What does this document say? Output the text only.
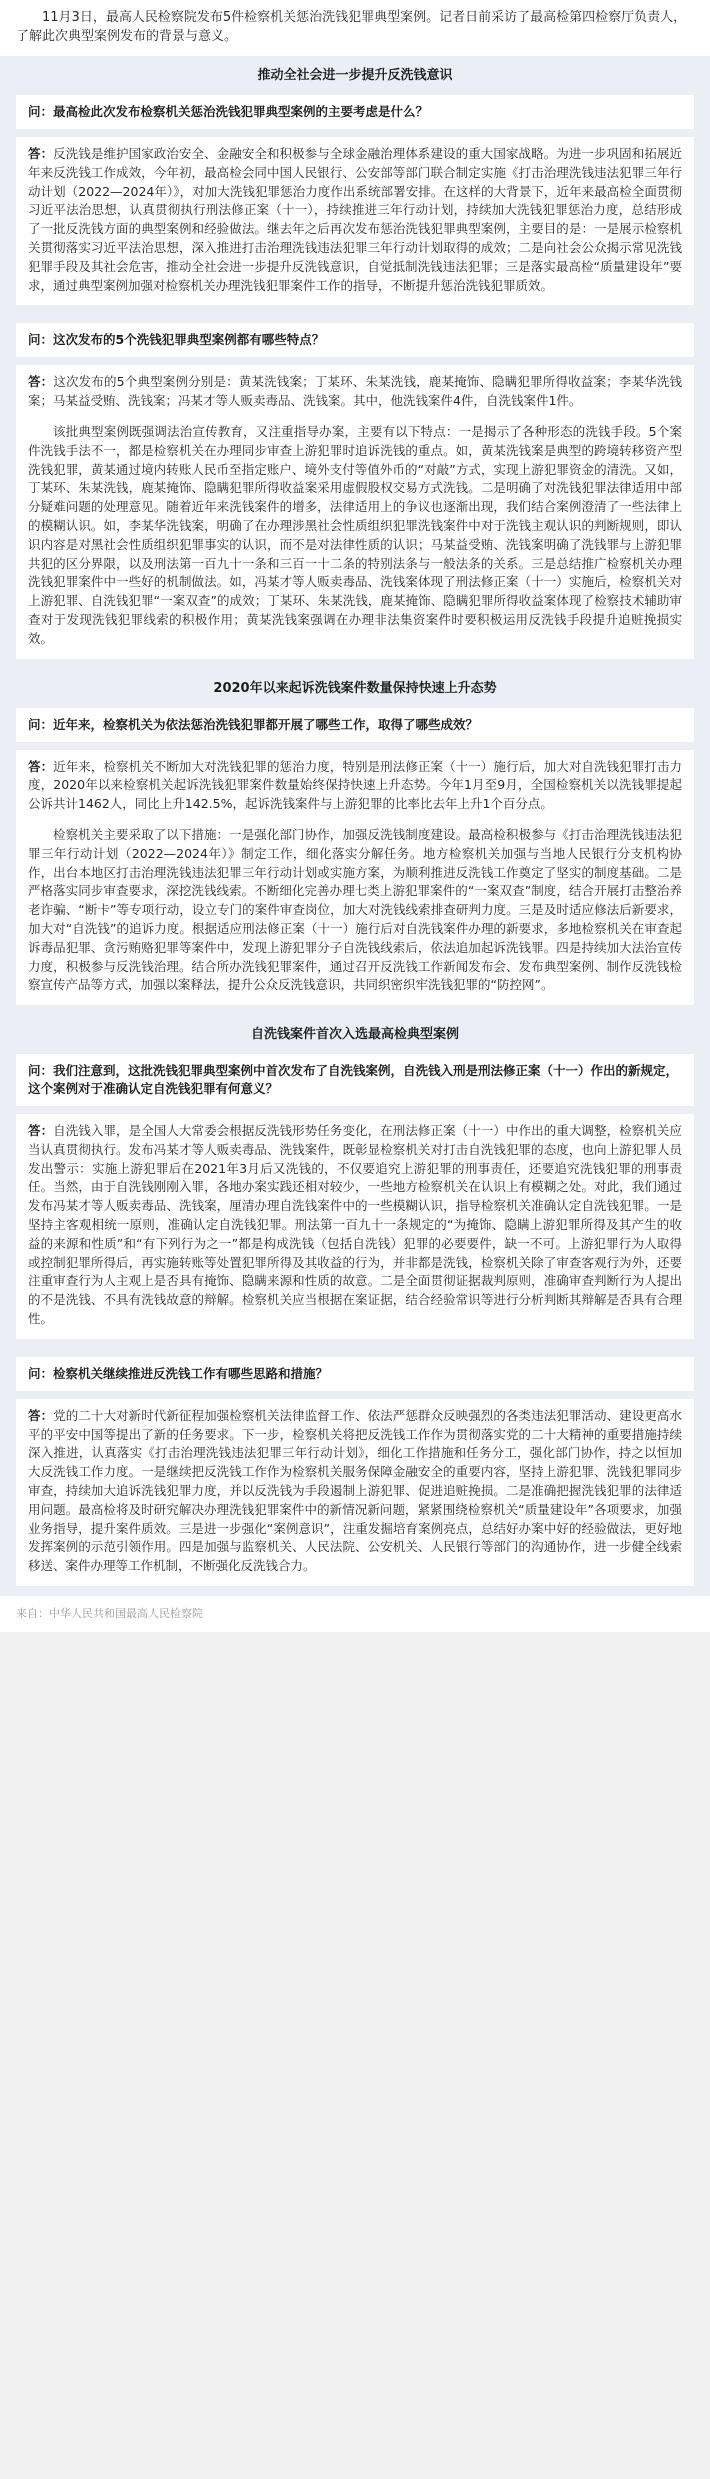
11月3日，最高人民检察院发布5件检察机关惩治洗钱犯罪典型案例。记者日前采访了最高检第四检察厅负责人，了解此次典型案例发布的背景与意义。

推动全社会进一步提升反洗钱意识

问：最高检此次发布检察机关惩治洗钱犯罪典型案例的主要考虑是什么？

答：反洗钱是维护国家政治安全、金融安全和积极参与全球金融治理体系建设的重大国家战略。为进一步巩固和拓展近年来反洗钱工作成效，今年初，最高检会同中国人民银行、公安部等部门联合制定实施《打击治理洗钱违法犯罪三年行动计划（2022—2024年）》，对加大洗钱犯罪惩治力度作出系统部署安排。在这样的大背景下，近年来最高检全面贯彻习近平法治思想，认真贯彻执行刑法修正案（十一），持续推进三年行动计划，持续加大洗钱犯罪惩治力度，总结形成了一批反洗钱方面的典型案例和经验做法。继去年之后再次发布惩治洗钱犯罪典型案例，主要目的是：一是展示检察机关贯彻落实习近平法治思想，深入推进打击治理洗钱违法犯罪三年行动计划取得的成效；二是向社会公众揭示常见洗钱犯罪手段及其社会危害，推动全社会进一步提升反洗钱意识，自觉抵制洗钱违法犯罪；三是落实最高检“质量建设年”要求，通过典型案例加强对检察机关办理洗钱犯罪案件工作的指导，不断提升惩治洗钱犯罪质效。

问：这次发布的5个洗钱犯罪典型案例都有哪些特点？

答：这次发布的5个典型案例分别是：黄某洗钱案；丁某环、朱某洗钱，鹿某掩饰、隐瞒犯罪所得收益案；李某华洗钱案；马某益受贿、洗钱案；冯某才等人贩卖毒品、洗钱案。其中，他洗钱案件4件，自洗钱案件1件。

该批典型案例既强调法治宣传教育，又注重指导办案，主要有以下特点：一是揭示了各种形态的洗钱手段。5个案件洗钱手法不一，都是检察机关在办理同步审查上游犯罪时追诉洗钱的重点。如，黄某洗钱案是典型的跨境转移资产型洗钱犯罪，黄某通过境内转账人民币至指定账户、境外支付等值外币的“对敲”方式，实现上游犯罪资金的清洗。又如，丁某环、朱某洗钱，鹿某掩饰、隐瞒犯罪所得收益案采用虚假股权交易方式洗钱。二是明确了对洗钱犯罪法律适用中部分疑难问题的处理意见。随着近年来洗钱案件的增多，法律适用上的争议也逐渐出现，我们结合案例澄清了一些法律上的模糊认识。如，李某华洗钱案，明确了在办理涉黑社会性质组织犯罪洗钱案件中对于洗钱主观认识的判断规则，即认识内容是对黑社会性质组织犯罪事实的认识，而不是对法律性质的认识；马某益受贿、洗钱案明确了洗钱罪与上游犯罪共犯的区分界限，以及刑法第一百九十一条和三百一十二条的特别法条与一般法条的关系。三是总结推广检察机关办理洗钱犯罪案件中一些好的机制做法。如，冯某才等人贩卖毒品、洗钱案体现了刑法修正案（十一）实施后，检察机关对上游犯罪、自洗钱犯罪“一案双查”的成效；丁某环、朱某洗钱，鹿某掩饰、隐瞒犯罪所得收益案体现了检察技术辅助审查对于发现洗钱犯罪线索的积极作用；黄某洗钱案强调在办理非法集资案件时要积极运用反洗钱手段提升追赃挽损实效。

2020年以来起诉洗钱案件数量保持快速上升态势

问：近年来，检察机关为依法惩治洗钱犯罪都开展了哪些工作，取得了哪些成效？

答：近年来，检察机关不断加大对洗钱犯罪的惩治力度，特别是刑法修正案（十一）施行后，加大对自洗钱犯罪打击力度，2020年以来检察机关起诉洗钱犯罪案件数量始终保持快速上升态势。今年1月至9月，全国检察机关以洗钱罪提起公诉共计1462人，同比上升142.5%，起诉洗钱案件与上游犯罪的比率比去年上升1个百分点。

检察机关主要采取了以下措施：一是强化部门协作，加强反洗钱制度建设。最高检积极参与《打击治理洗钱违法犯罪三年行动计划（2022—2024年）》制定工作，细化落实分解任务。地方检察机关加强与当地人民银行分支机构协作，出台本地区打击治理洗钱违法犯罪三年行动计划或实施方案，为顺利推进反洗钱工作奠定了坚实的制度基础。二是严格落实同步审查要求，深挖洗钱线索。不断细化完善办理七类上游犯罪案件的“一案双查”制度，结合开展打击整治养老诈骗、“断卡”等专项行动，设立专门的案件审查岗位，加大对洗钱线索排查研判力度。三是及时适应修法后新要求，加大对“自洗钱”的追诉力度。根据适应刑法修正案（十一）施行后对自洗钱案件办理的新要求，多地检察机关在审查起诉毒品犯罪、贪污贿赂犯罪等案件中，发现上游犯罪分子自洗钱线索后，依法追加起诉洗钱罪。四是持续加大法治宣传力度，积极参与反洗钱治理。结合所办洗钱犯罪案件，通过召开反洗钱工作新闻发布会、发布典型案例、制作反洗钱检察宣传产品等方式，加强以案释法，提升公众反洗钱意识，共同织密织牢洗钱犯罪的“防控网”。

自洗钱案件首次入选最高检典型案例

问：我们注意到，这批洗钱犯罪典型案例中首次发布了自洗钱案例，自洗钱入刑是刑法修正案（十一）作出的新规定，这个案例对于准确认定自洗钱犯罪有何意义？

答：自洗钱入罪，是全国人大常委会根据反洗钱形势任务变化，在刑法修正案（十一）中作出的重大调整，检察机关应当认真贯彻执行。发布冯某才等人贩卖毒品、洗钱案件，既彰显检察机关对打击自洗钱犯罪的态度，也向上游犯罪人员发出警示：实施上游犯罪后在2021年3月后又洗钱的，不仅要追究上游犯罪的刑事责任，还要追究洗钱犯罪的刑事责任。当然，由于自洗钱刚刚入罪，各地办案实践还相对较少，一些地方检察机关在认识上有模糊之处。对此，我们通过发布冯某才等人贩卖毒品、洗钱案，厘清办理自洗钱案件中的一些模糊认识，指导检察机关准确认定自洗钱犯罪。一是坚持主客观相统一原则，准确认定自洗钱犯罪。刑法第一百九十一条规定的“为掩饰、隐瞒上游犯罪所得及其产生的收益的来源和性质”和“有下列行为之一”都是构成洗钱（包括自洗钱）犯罪的必要要件，缺一不可。上游犯罪行为人取得或控制犯罪所得后，再实施转账等处置犯罪所得及其收益的行为，并非都是洗钱，检察机关除了审查客观行为外，还要注重审查行为人主观上是否具有掩饰、隐瞒来源和性质的故意。二是全面贯彻证据裁判原则，准确审查判断行为人提出的不是洗钱、不具有洗钱故意的辩解。检察机关应当根据在案证据，结合经验常识等进行分析判断其辩解是否具有合理性。

问：检察机关继续推进反洗钱工作有哪些思路和措施？

答：党的二十大对新时代新征程加强检察机关法律监督工作、依法严惩群众反映强烈的各类违法犯罪活动、建设更高水平的平安中国等提出了新的任务要求。下一步，检察机关将把反洗钱工作作为贯彻落实党的二十大精神的重要措施持续深入推进，认真落实《打击治理洗钱违法犯罪三年行动计划》，细化工作措施和任务分工，强化部门协作，持之以恒加大反洗钱工作力度。一是继续把反洗钱工作作为检察机关服务保障金融安全的重要内容，坚持上游犯罪、洗钱犯罪同步审查，持续加大追诉洗钱犯罪力度，并以反洗钱为手段遏制上游犯罪、促进追赃挽损。二是准确把握洗钱犯罪的法律适用问题。最高检将及时研究解决办理洗钱犯罪案件中的新情况新问题，紧紧围绕检察机关“质量建设年”各项要求，加强业务指导，提升案件质效。三是进一步强化“案例意识”，注重发掘培育案例亮点，总结好办案中好的经验做法，更好地发挥案例的示范引领作用。四是加强与监察机关、人民法院、公安机关、人民银行等部门的沟通协作，进一步健全线索移送、案件办理等工作机制，不断强化反洗钱合力。

来自：中华人民共和国最高人民检察院
